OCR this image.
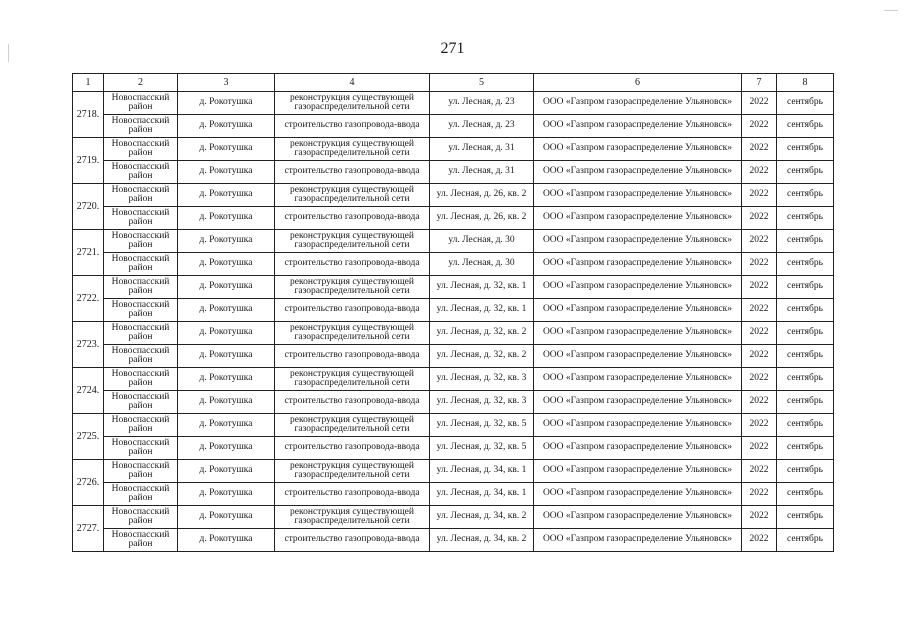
271
1	2	3	4	5	6	7	8
2718.	Новоспасский район	д. Рокотушка	реконструкция существующей газораспределительной сети	ул. Лесная, д. 23	ООО «Газпром газораспределение Ульяновск»	2022	сентябрь
	Новоспасский район	д. Рокотушка	строительство газопровода-ввода	ул. Лесная, д. 23	ООО «Газпром газораспределение Ульяновск»	2022	сентябрь
2719.	Новоспасский район	д. Рокотушка	реконструкция существующей газораспределительной сети	ул. Лесная, д. 31	ООО «Газпром газораспределение Ульяновск»	2022	сентябрь
	Новоспасский район	д. Рокотушка	строительство газопровода-ввода	ул. Лесная, д. 31	ООО «Газпром газораспределение Ульяновск»	2022	сентябрь
2720.	Новоспасский район	д. Рокотушка	реконструкция существующей газораспределительной сети	ул. Лесная, д. 26, кв. 2	ООО «Газпром газораспределение Ульяновск»	2022	сентябрь
	Новоспасский район	д. Рокотушка	строительство газопровода-ввода	ул. Лесная, д. 26, кв. 2	ООО «Газпром газораспределение Ульяновск»	2022	сентябрь
2721.	Новоспасский район	д. Рокотушка	реконструкция существующей газораспределительной сети	ул. Лесная, д. 30	ООО «Газпром газораспределение Ульяновск»	2022	сентябрь
	Новоспасский район	д. Рокотушка	строительство газопровода-ввода	ул. Лесная, д. 30	ООО «Газпром газораспределение Ульяновск»	2022	сентябрь
2722.	Новоспасский район	д. Рокотушка	реконструкция существующей газораспределительной сети	ул. Лесная, д. 32, кв. 1	ООО «Газпром газораспределение Ульяновск»	2022	сентябрь
	Новоспасский район	д. Рокотушка	строительство газопровода-ввода	ул. Лесная, д. 32, кв. 1	ООО «Газпром газораспределение Ульяновск»	2022	сентябрь
2723.	Новоспасский район	д. Рокотушка	реконструкция существующей газораспределительной сети	ул. Лесная, д. 32, кв. 2	ООО «Газпром газораспределение Ульяновск»	2022	сентябрь
	Новоспасский район	д. Рокотушка	строительство газопровода-ввода	ул. Лесная, д. 32, кв. 2	ООО «Газпром газораспределение Ульяновск»	2022	сентябрь
2724.	Новоспасский район	д. Рокотушка	реконструкция существующей газораспределительной сети	ул. Лесная, д. 32, кв. 3	ООО «Газпром газораспределение Ульяновск»	2022	сентябрь
	Новоспасский район	д. Рокотушка	строительство газопровода-ввода	ул. Лесная, д. 32, кв. 3	ООО «Газпром газораспределение Ульяновск»	2022	сентябрь
2725.	Новоспасский район	д. Рокотушка	реконструкция существующей газораспределительной сети	ул. Лесная, д. 32, кв. 5	ООО «Газпром газораспределение Ульяновск»	2022	сентябрь
	Новоспасский район	д. Рокотушка	строительство газопровода-ввода	ул. Лесная, д. 32, кв. 5	ООО «Газпром газораспределение Ульяновск»	2022	сентябрь
2726.	Новоспасский район	д. Рокотушка	реконструкция существующей газораспределительной сети	ул. Лесная, д. 34, кв. 1	ООО «Газпром газораспределение Ульяновск»	2022	сентябрь
	Новоспасский район	д. Рокотушка	строительство газопровода-ввода	ул. Лесная, д. 34, кв. 1	ООО «Газпром газораспределение Ульяновск»	2022	сентябрь
2727.	Новоспасский район	д. Рокотушка	реконструкция существующей газораспределительной сети	ул. Лесная, д. 34, кв. 2	ООО «Газпром газораспределение Ульяновск»	2022	сентябрь
	Новоспасский район	д. Рокотушка	строительство газопровода-ввода	ул. Лесная, д. 34, кв. 2	ООО «Газпром газораспределение Ульяновск»	2022	сентябрь
